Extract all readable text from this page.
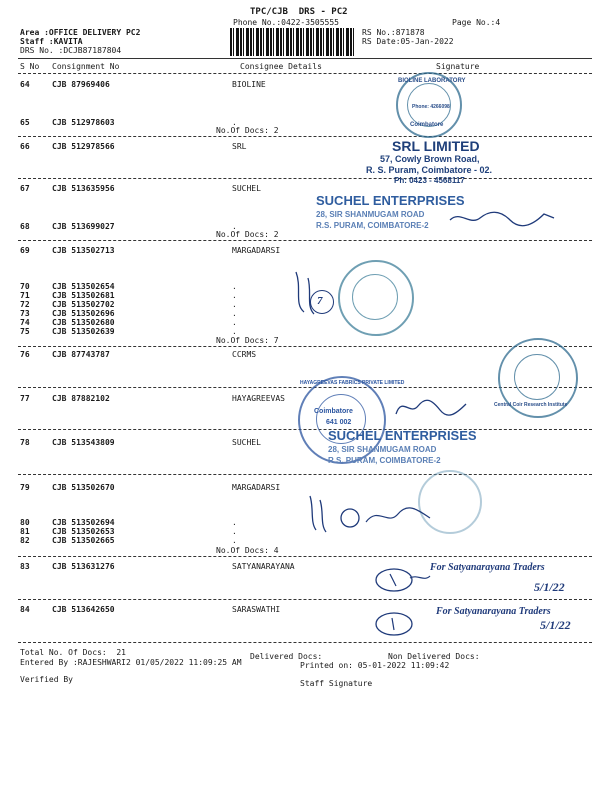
TPC/CJB  DRS - PC2
Phone No.:0422-3505555	Page No.:4
Area :OFFICE DELIVERY PC2
Staff :KAVITA
DRS No. :DCJB87187804
RS No.:871878
RS Date:05-Jan-2022
S No Consignment No	Consignee Details	Signature
64	CJB 87969406	BIOLINE
65	CJB 512978603	.
No.Of Docs: 2
66	CJB 512978566	SRL
67	CJB 513635956	SUCHEL
68	CJB 513699027	.
No.Of Docs: 2
69	CJB 513502713	MARGADARSI
70	CJB 513502654	.
71	CJB 513502681	.
72	CJB 513502702	.
73	CJB 513502696	.
74	CJB 513502680	.
75	CJB 513502639	.
No.Of Docs: 7
76	CJB 87743787	CCRMS
77	CJB 87882102	HAYAGREEVAS
78	CJB 513543809	SUCHEL
79	CJB 513502670	MARGADARSI
80	CJB 513502694	.
81	CJB 513502653	.
82	CJB 513502665	.
No.Of Docs: 4
83	CJB 513631276	SATYANARAYANA
84	CJB 513642650	SARASWATHI
BIOLINE LABORATORY
Phone: 4266098
Coimbatore
SRL LIMITED
57, Cowly Brown Road,
R. S. Puram, Coimbatore - 02.
Ph: 0423 - 4568117
SUCHEL ENTERPRISES
28, SIR SHANMUGAM ROAD
R.S. PURAM, COIMBATORE-2
7
Central Coir Research Institute
HAYAGREEVAS FABRICS PRIVATE LIMITED
Coimbatore
641 002
SUCHEL ENTERPRISES
28, SIR SHANMUGAM ROAD
R.S. PURAM, COIMBATORE-2
For Satyanarayana Traders
5/1/22
For Satyanarayana Traders
5/1/22
Total No. Of Docs:  21	Delivered Docs:	Non Delivered Docs:
Entered By :RAJESHWARI2 01/05/2022 11:09:25 AM	Printed on: 05-01-2022 11:09:42
Verified By	Staff Signature
